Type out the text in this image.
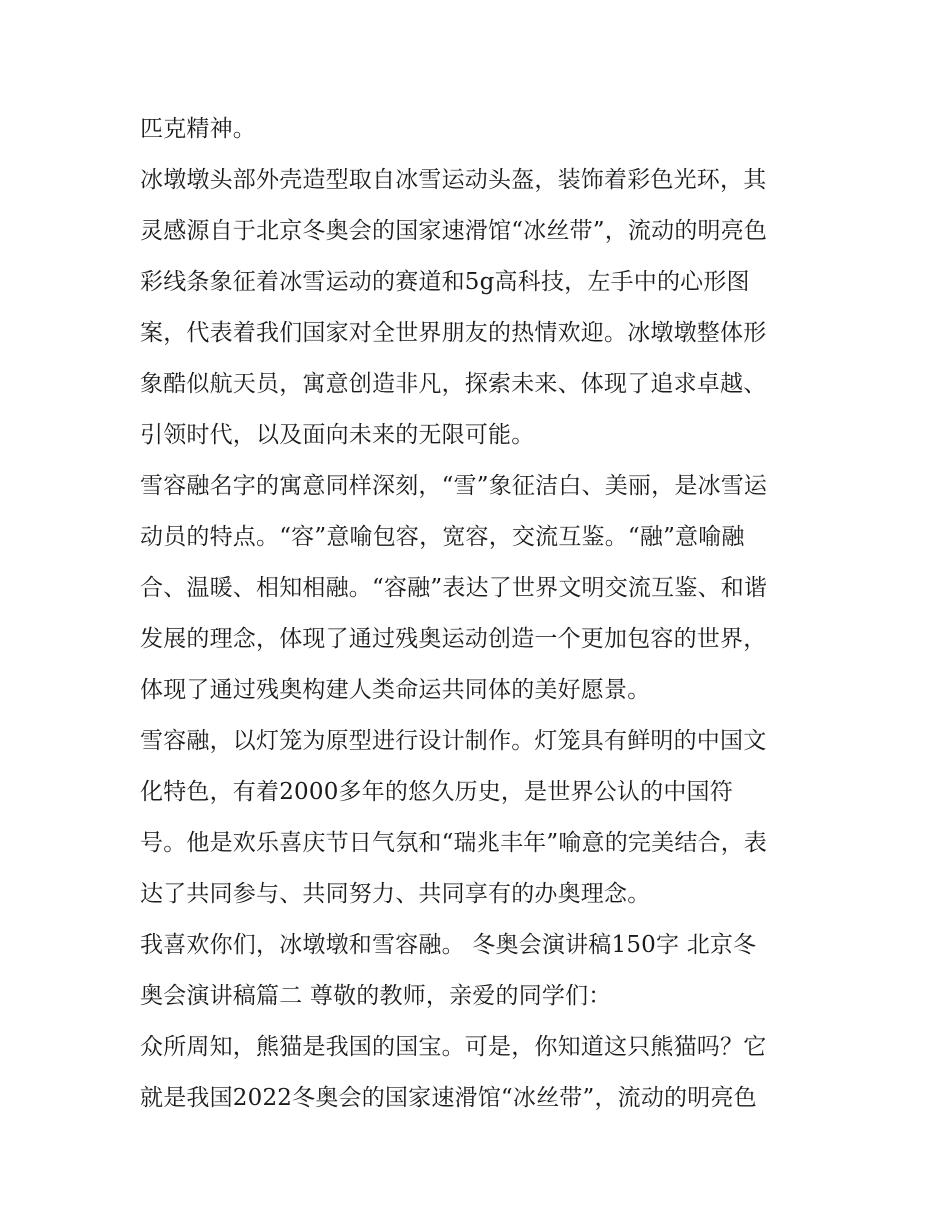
匹克精神。
冰墩墩头部外壳造型取自冰雪运动头盔，装饰着彩色光环，其
灵感源自于北京冬奥会的国家速滑馆“冰丝带”，流动的明亮色
彩线条象征着冰雪运动的赛道和5g高科技，左手中的心形图
案，代表着我们国家对全世界朋友的热情欢迎。冰墩墩整体形
象酷似航天员，寓意创造非凡，探索未来、体现了追求卓越、
引领时代，以及面向未来的无限可能。
雪容融名字的寓意同样深刻，“雪”象征洁白、美丽，是冰雪运
动员的特点。“容”意喻包容，宽容，交流互鉴。“融”意喻融
合、温暖、相知相融。“容融”表达了世界文明交流互鉴、和谐
发展的理念，体现了通过残奥运动创造一个更加包容的世界，
体现了通过残奥构建人类命运共同体的美好愿景。
雪容融，以灯笼为原型进行设计制作。灯笼具有鲜明的中国文
化特色，有着2000多年的悠久历史，是世界公认的中国符
号。他是欢乐喜庆节日气氛和“瑞兆丰年”喻意的完美结合，表
达了共同参与、共同努力、共同享有的办奥理念。
我喜欢你们，冰墩墩和雪容融。 冬奥会演讲稿150字 北京冬
奥会演讲稿篇二 尊敬的教师，亲爱的同学们：
众所周知，熊猫是我国的国宝。可是，你知道这只熊猫吗？它
就是我国2022冬奥会的国家速滑馆“冰丝带”，流动的明亮色
